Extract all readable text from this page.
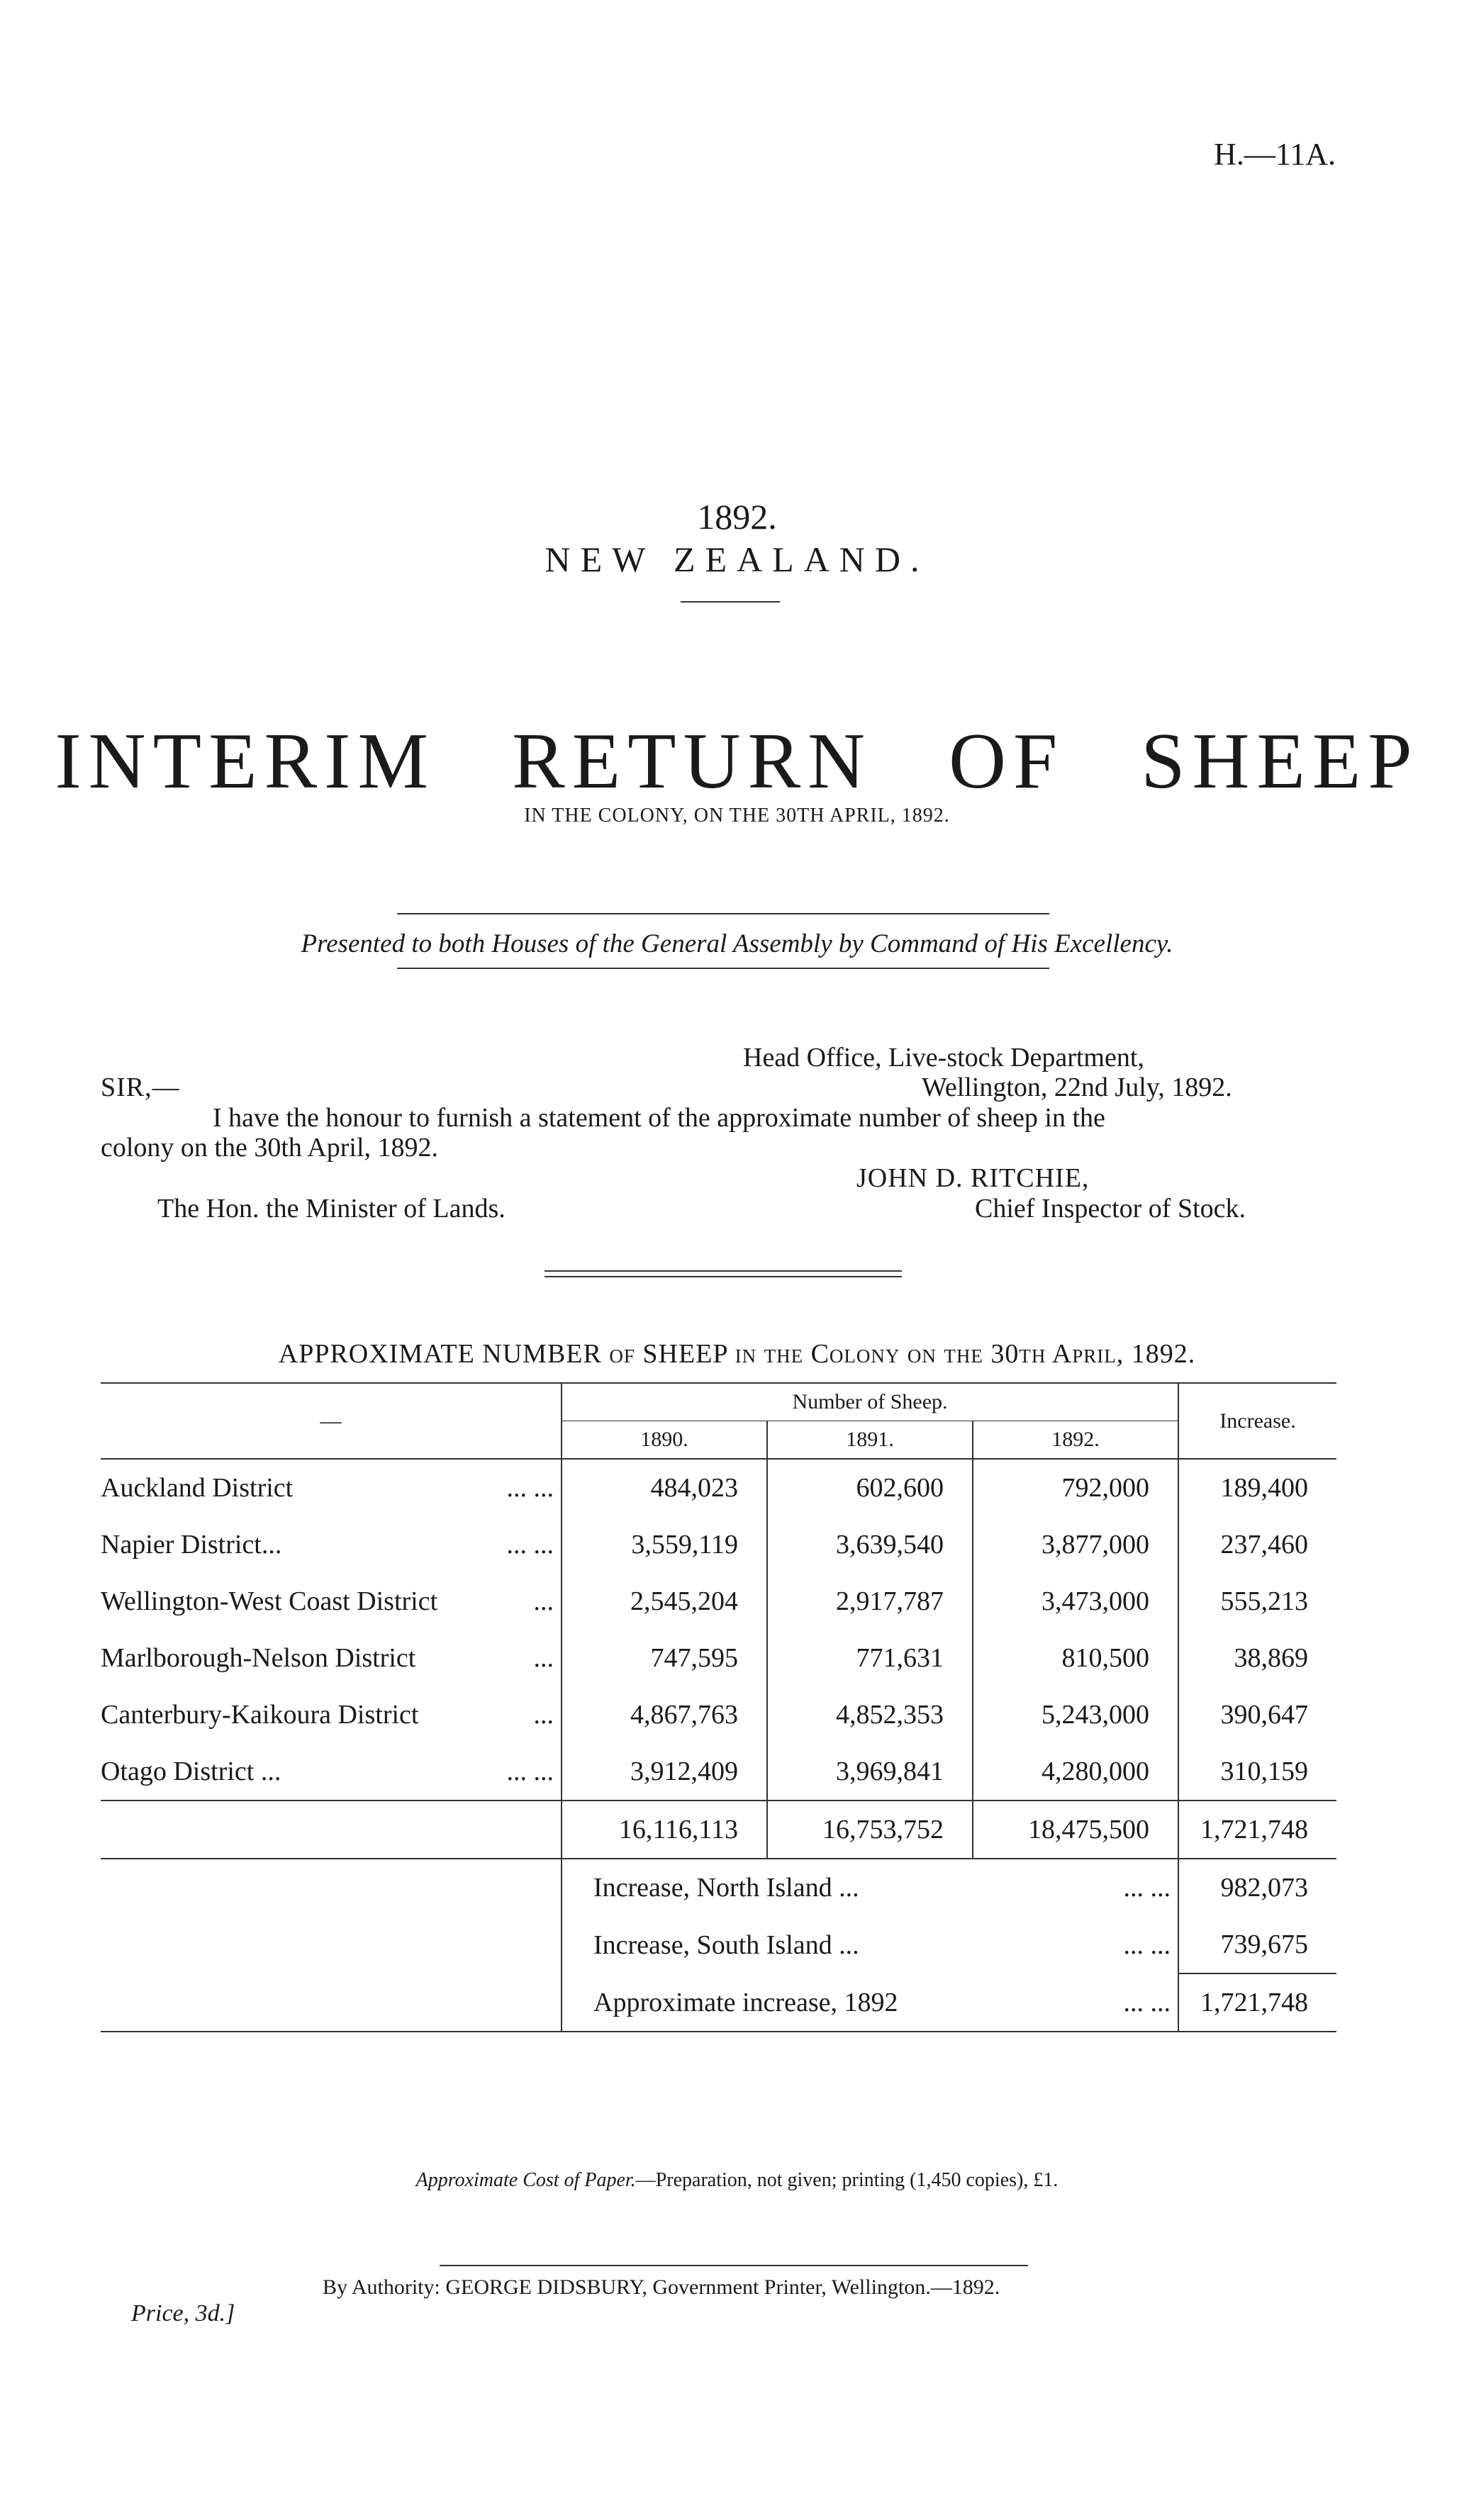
H.—11A.
1892.
NEW ZEALAND.
INTERIM RETURN OF SHEEP
IN THE COLONY, ON THE 30TH APRIL, 1892.
Presented to both Houses of the General Assembly by Command of His Excellency.
Head Office, Live-stock Department,
Wellington, 22nd July, 1892.
SIR,—
I have the honour to furnish a statement of the approximate number of sheep in the
colony on the 30th April, 1892.
JOHN D. RITCHIE,
The Hon. the Minister of Lands.	Chief Inspector of Stock.
APPROXIMATE NUMBER of SHEEP in the Colony on the 30th April, 1892.
—	Number of Sheep.			Increase.
	1890.	1891.	1892.	
Auckland District ... ...	484,023	602,600	792,000	189,400
Napier District... ... ...	3,559,119	3,639,540	3,877,000	237,460
Wellington-West Coast District ...	2,545,204	2,917,787	3,473,000	555,213
Marlborough-Nelson District ...	747,595	771,631	810,500	38,869
Canterbury-Kaikoura District ...	4,867,763	4,852,353	5,243,000	390,647
Otago District ... ... ...	3,912,409	3,969,841	4,280,000	310,159
	16,116,113	16,753,752	18,475,500	1,721,748
	Increase, North Island ... ... ...			982,073
	Increase, South Island ... ... ...			739,675
	Approximate increase, 1892 ... ...			1,721,748
Approximate Cost of Paper.—Preparation, not given; printing (1,450 copies), £1.
By Authority: GEORGE DIDSBURY, Government Printer, Wellington.—1892.
Price, 3d.]
